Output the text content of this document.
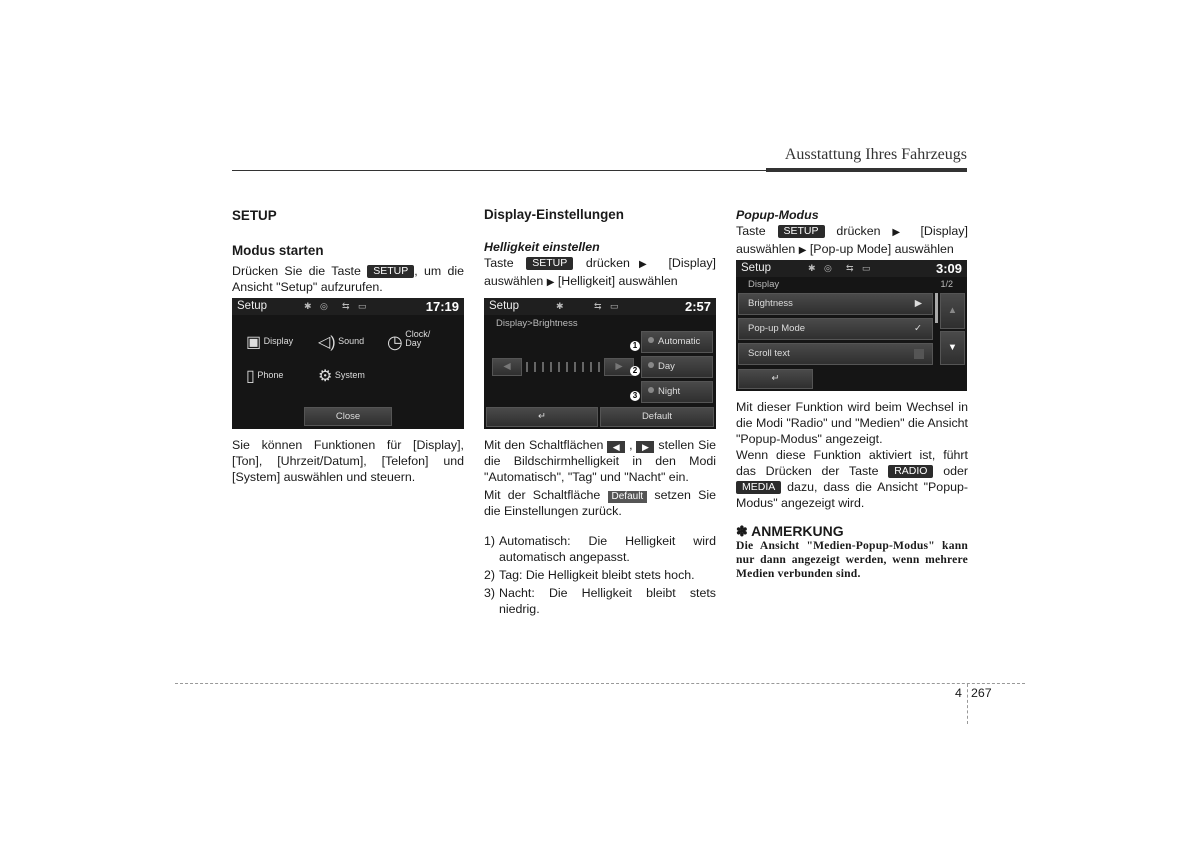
Ausstattung Ihres Fahrzeugs
SETUP
Modus starten

Drücken Sie die Taste SETUP , um die Ansicht "Setup" aufzurufen.

Setup	✱ ◎ ⇆ ▭	17:19
▣ Display ◁) Sound ◷ Clock/ Day
▯ Phone ⚙ System
Close
Sie können Funktionen für [Display], [Ton], [Uhrzeit/Datum], [Telefon] und [System] auswählen und steuern.
Display-Einstellungen

Helligkeit einstellen

Taste SETUP drücken▶ [Display] auswählen ▶ [Helligkeit] auswählen

Setup	✱	⇆ ▭	2:57
Display>Brightness
◀	▶
1
2
3
Automatic
Day
Night
↵	Default

Mit den Schaltflächen ◀ , ▶ stellen Sie die Bildschirmhelligkeit in den Modi "Automatisch", "Tag" und "Nacht" ein.

Mit der Schaltfläche Default setzen Sie die Einstellungen zurück.

1) Automatisch: Die Helligkeit wird automatisch angepasst.
2) Tag: Die Helligkeit bleibt stets hoch.
3) Nacht: Die Helligkeit bleibt stets niedrig.

Popup-Modus

Taste SETUP drücken ▶ [Display] auswählen ▶ [Pop-up Mode] auswählen

Setup	✱ ◎ ⇆ ▭	3:09
Display	1/2
Brightness	▶
Pop-up Mode	✓
Scroll text
▲
▼
↵

Mit dieser Funktion wird beim Wechsel in die Modi "Radio" und "Medien" die Ansicht "Popup-Modus" angezeigt.

Wenn diese Funktion aktiviert ist, führt das Drücken der Taste RADIO oder MEDIA dazu, dass die Ansicht "Popup-Modus" angezeigt wird.

✽ ANMERKUNG

Die Ansicht "Medien-Popup-Modus" kann nur dann angezeigt werden, wenn mehrere Medien verbunden sind.

4 267
